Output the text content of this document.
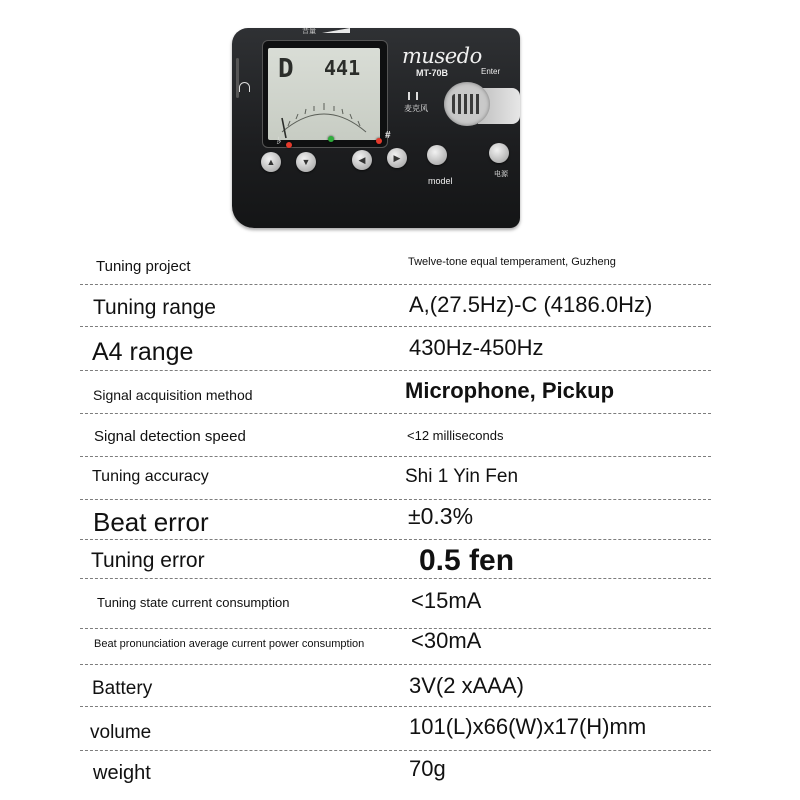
音量
D 441 musedo
MT-70B	Enter
麦克风
♭
#
▲	▼	◀	▶
model
电源
Tuning project	Twelve-tone equal temperament, Guzheng
Tuning range	A,(27.5Hz)-C (4186.0Hz)
A4 range	430Hz-450Hz
Signal acquisition method	Microphone, Pickup
Signal detection speed	<12 milliseconds
Tuning accuracy	Shi 1 Yin Fen
Beat error	±0.3%
Tuning error	0.5 fen
Tuning state current consumption	<15mA
Beat pronunciation average current power consumption <30mA
Battery	3V(2 xAAA)
volume	101(L)x66(W)x17(H)mm
weight	70g
